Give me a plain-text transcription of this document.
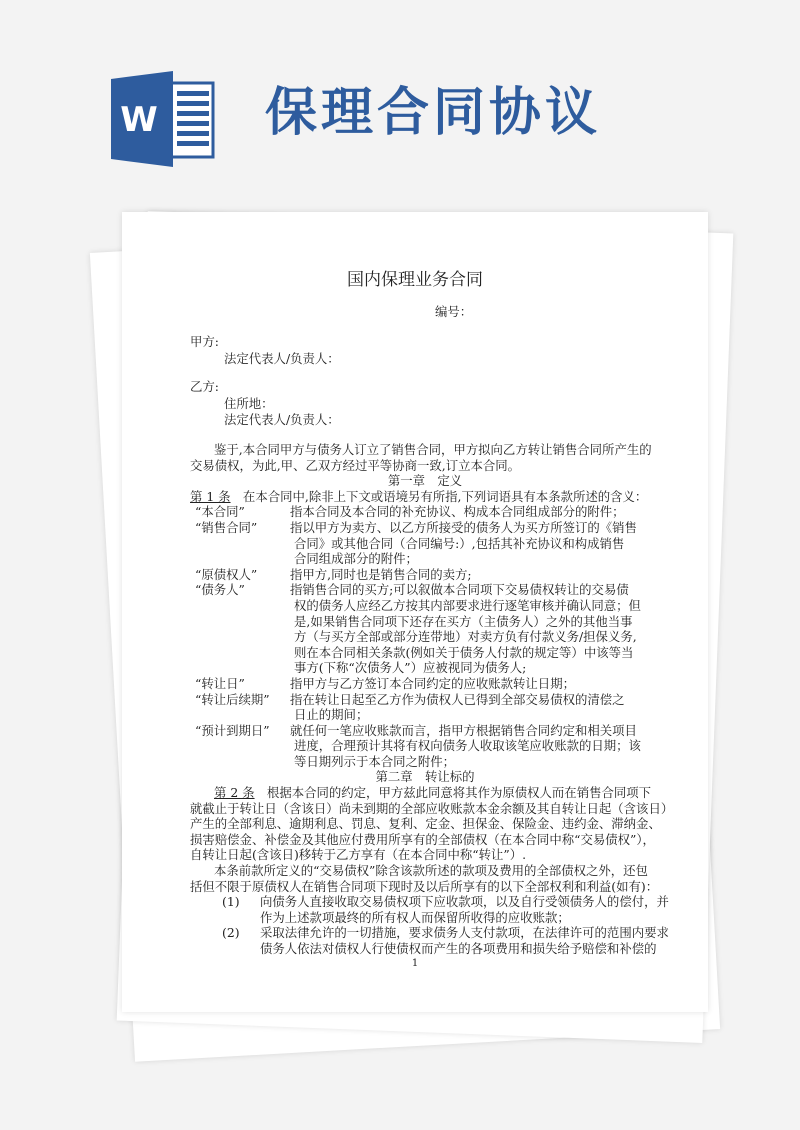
W 保理合同协议
国内保理业务合同
编号：
甲方:
法定代表人/负责人：
乙方:
住所地：
法定代表人/负责人：
鉴于,本合同甲方与债务人订立了销售合同，甲方拟向乙方转让销售合同所产生的
交易债权，为此,甲、乙双方经过平等协商一致,订立本合同。
第一章　定义
第 1 条　在本合同中,除非上下文或语境另有所指,下列词语具有本条款所述的含义：
“本合同”	指本合同及本合同的补充协议、构成本合同组成部分的附件；
“销售合同”	指以甲方为卖方、以乙方所接受的债务人为买方所签订的《销售
合同》或其他合同（合同编号:）,包括其补充协议和构成销售
合同组成部分的附件；
“原债权人”	指甲方,同时也是销售合同的卖方;
“债务人”	指销售合同的买方;可以叙做本合同项下交易债权转让的交易债
权的债务人应经乙方按其内部要求进行逐笔审核并确认同意；但
是,如果销售合同项下还存在买方（主债务人）之外的其他当事
方（与买方全部或部分连带地）对卖方负有付款义务/担保义务,
则在本合同相关条款(例如关于债务人付款的规定等）中该等当
事方(下称“次债务人”）应被视同为债务人;
“转让日”	指甲方与乙方签订本合同约定的应收账款转让日期；
“转让后续期”	指在转让日起至乙方作为债权人已得到全部交易债权的清偿之
日止的期间；
“预计到期日”	就任何一笔应收账款而言，指甲方根据销售合同约定和相关项目
进度，合理预计其将有权向债务人收取该笔应收账款的日期；该
等日期列示于本合同之附件；
第二章　转让标的
第 2 条　根据本合同的约定，甲方兹此同意将其作为原债权人而在销售合同项下
就截止于转让日（含该日）尚未到期的全部应收账款本金余额及其自转让日起（含该日）
产生的全部利息、逾期利息、罚息、复利、定金、担保金、保险金、违约金、滞纳金、
损害赔偿金、补偿金及其他应付费用所享有的全部债权（在本合同中称“交易债权”），
自转让日起(含该日)移转于乙方享有（在本合同中称“转让”）.
本条前款所定义的“交易债权”除含该款所述的款项及费用的全部债权之外，还包
括但不限于原债权人在销售合同项下现时及以后所享有的以下全部权利和利益(如有)：
(1)	向债务人直接收取交易债权项下应收款项，以及自行受领债务人的偿付，并
作为上述款项最终的所有权人而保留所收得的应收账款；
(2)	采取法律允许的一切措施，要求债务人支付款项，在法律许可的范围内要求
债务人依法对债权人行使债权而产生的各项费用和损失给予赔偿和补偿的
1
